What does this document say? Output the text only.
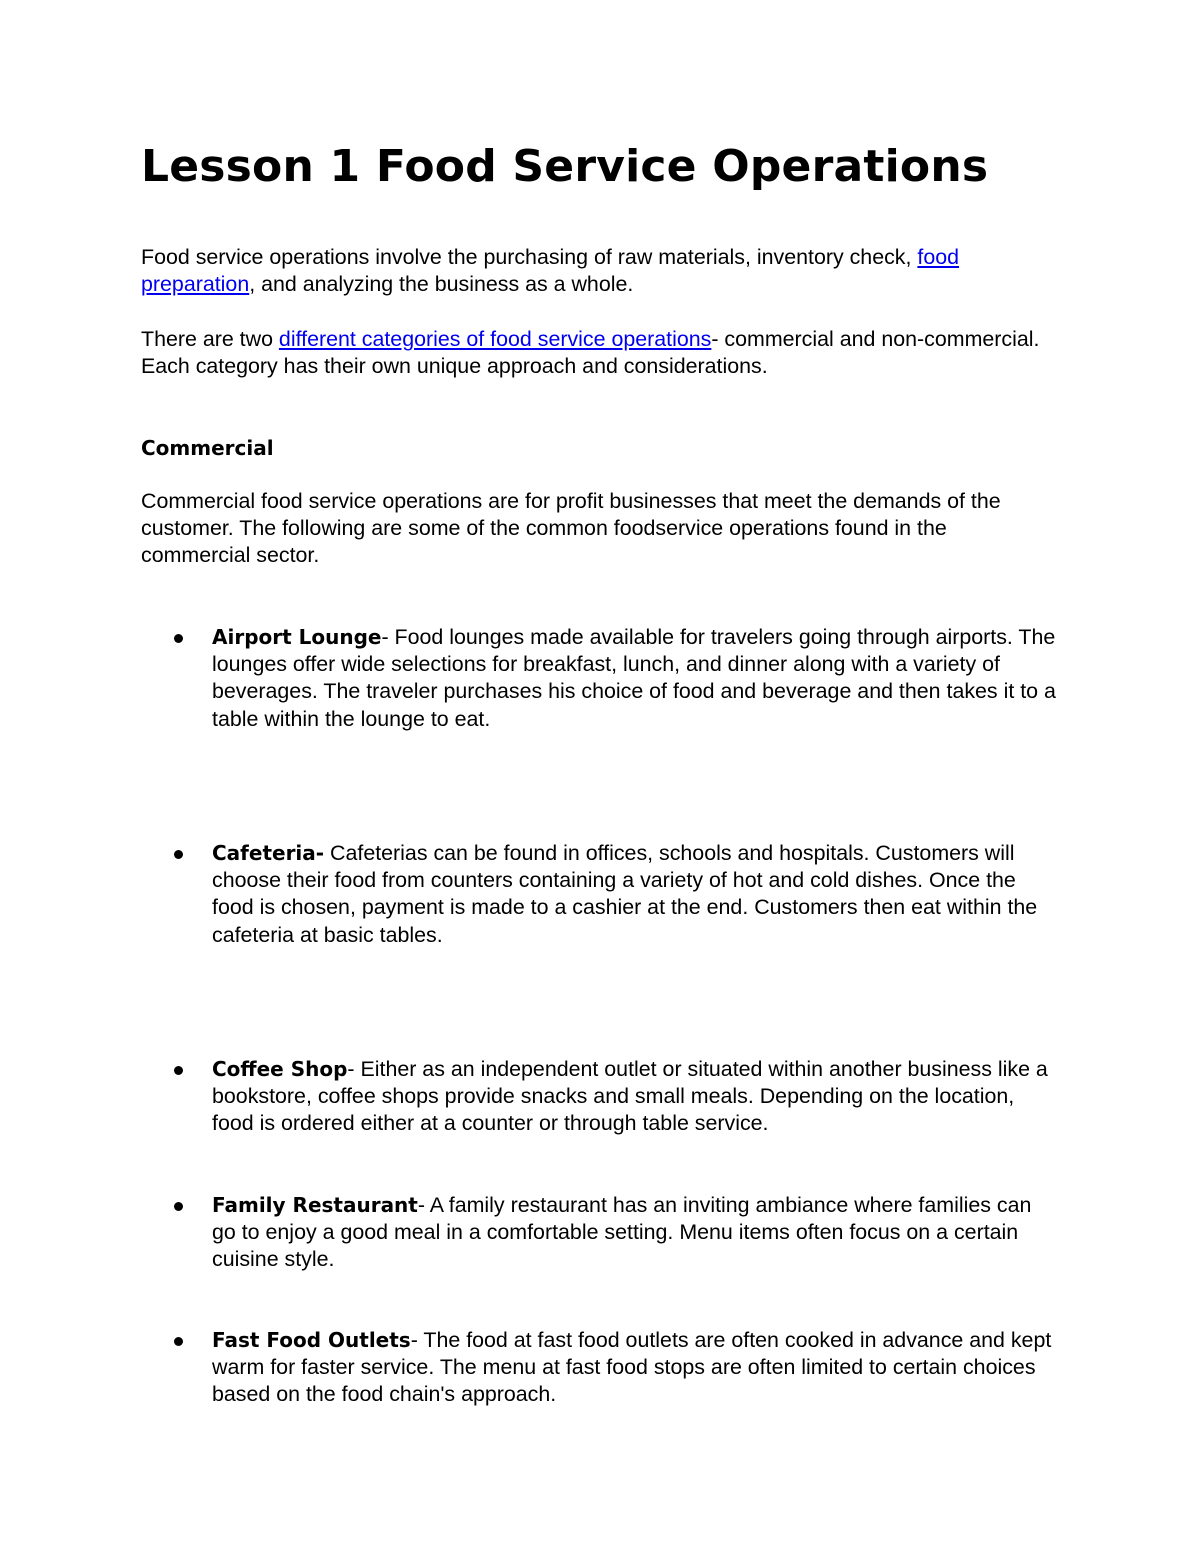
Lesson 1 Food Service Operations

Food service operations involve the purchasing of raw materials, inventory check, food preparation, and analyzing the business as a whole.

There are two different categories of food service operations- commercial and non-commercial. Each category has their own unique approach and considerations.

Commercial

Commercial food service operations are for profit businesses that meet the demands of the customer. The following are some of the common foodservice operations found in the commercial sector.

Airport Lounge- Food lounges made available for travelers going through airports. The lounges offer wide selections for breakfast, lunch, and dinner along with a variety of beverages. The traveler purchases his choice of food and beverage and then takes it to a table within the lounge to eat.

Cafeteria- Cafeterias can be found in offices, schools and hospitals. Customers will choose their food from counters containing a variety of hot and cold dishes. Once the food is chosen, payment is made to a cashier at the end. Customers then eat within the cafeteria at basic tables.

Coffee Shop- Either as an independent outlet or situated within another business like a bookstore, coffee shops provide snacks and small meals. Depending on the location, food is ordered either at a counter or through table service.

Family Restaurant- A family restaurant has an inviting ambiance where families can go to enjoy a good meal in a comfortable setting. Menu items often focus on a certain cuisine style.

Fast Food Outlets- The food at fast food outlets are often cooked in advance and kept warm for faster service. The menu at fast food stops are often limited to certain choices based on the food chain's approach.
